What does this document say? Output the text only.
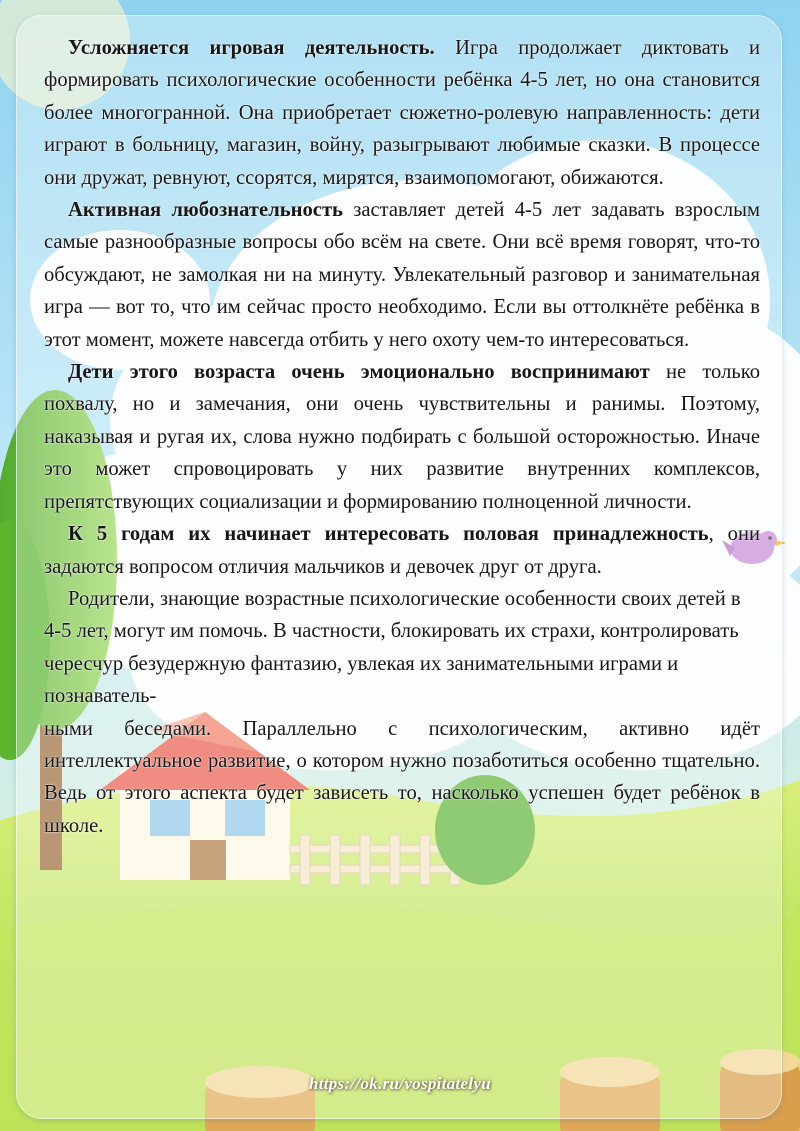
Усложняется игровая деятельность. Игра продолжает диктовать и формировать психологические особенности ребёнка 4-5 лет, но она становится более многогранной. Она приобретает сюжетно-ролевую направленность: дети играют в больницу, магазин, войну, разыгрывают любимые сказки. В процессе они дружат, ревнуют, ссорятся, мирятся, взаимопомогают, обижаются.

Активная любознательность заставляет детей 4-5 лет задавать взрослым самые разнообразные вопросы обо всём на свете. Они всё время говорят, что-то обсуждают, не замолкая ни на минуту. Увлекательный разговор и занимательная игра — вот то, что им сейчас просто необходимо. Если вы оттолкнёте ребёнка в этот момент, можете навсегда отбить у него охоту чем-то интересоваться.

Дети этого возраста очень эмоционально воспринимают не только похвалу, но и замечания, они очень чувствительны и ранимы. Поэтому, наказывая и ругая их, слова нужно подбирать с большой осторожностью. Иначе это может спровоцировать у них развитие внутренних комплексов, препятствующих социализации и формированию полноценной личности.

К 5 годам их начинает интересовать половая принадлежность, они задаются вопросом отличия мальчиков и девочек друг от друга.

Родители, знающие возрастные психологические особенности своих детей в 4-5 лет, могут им помочь. В частности, блокировать их страхи, контролировать чересчур безудержную фантазию, увлекая их занимательными играми и познаватель-
ными беседами. Параллельно с психологическим, активно идёт интеллектуальное развитие, о котором нужно позаботиться особенно тщательно. Ведь от этого аспекта будет зависеть то, насколько успешен будет ребёнок в школе.

https://ok.ru/vospitatelyu
